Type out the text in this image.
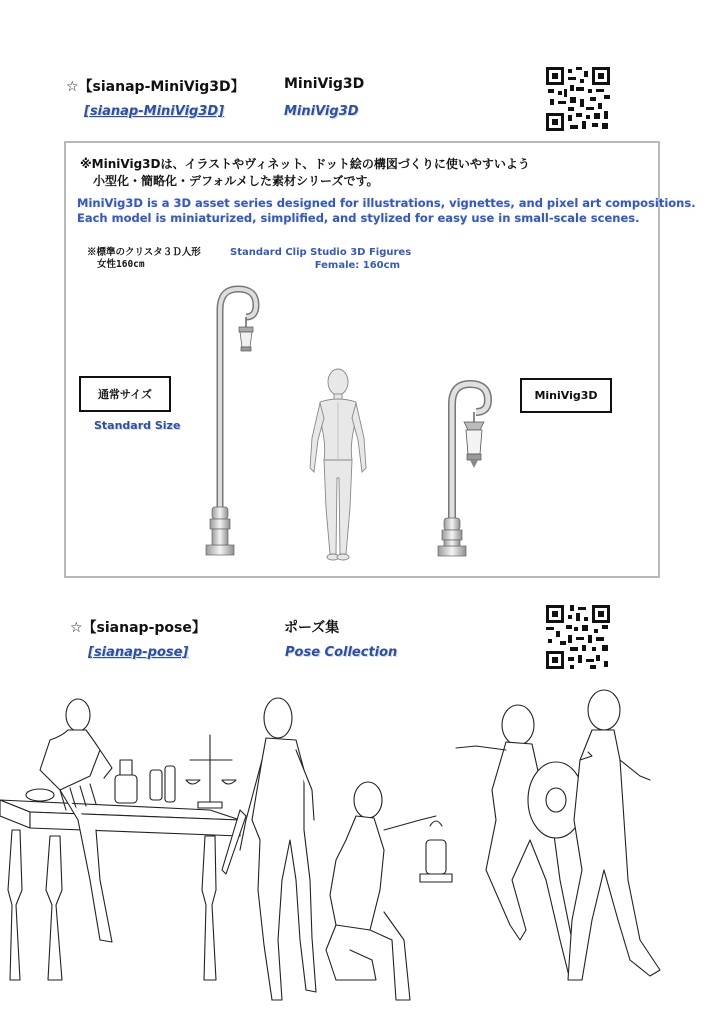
☆【sianap-MiniVig3D】
[sianap-MiniVig3D]
MiniVig3D
MiniVig3D
※MiniVig3Dは、イラストやヴィネット、ドット絵の構図づくりに使いやすいよう
小型化・簡略化・デフォルメした素材シリーズです。
MiniVig3D is a 3D asset series designed for illustrations, vignettes, and pixel art compositions.
Each model is miniaturized, simplified, and stylized for easy use in small-scale scenes.
※標準のクリスタ３Ｄ人形
女性160cm
Standard Clip Studio 3D Figures
Female: 160cm
通常サイズ
Standard Size
MiniVig3D
☆【sianap-pose】
[sianap-pose]
ポーズ集
Pose Collection
